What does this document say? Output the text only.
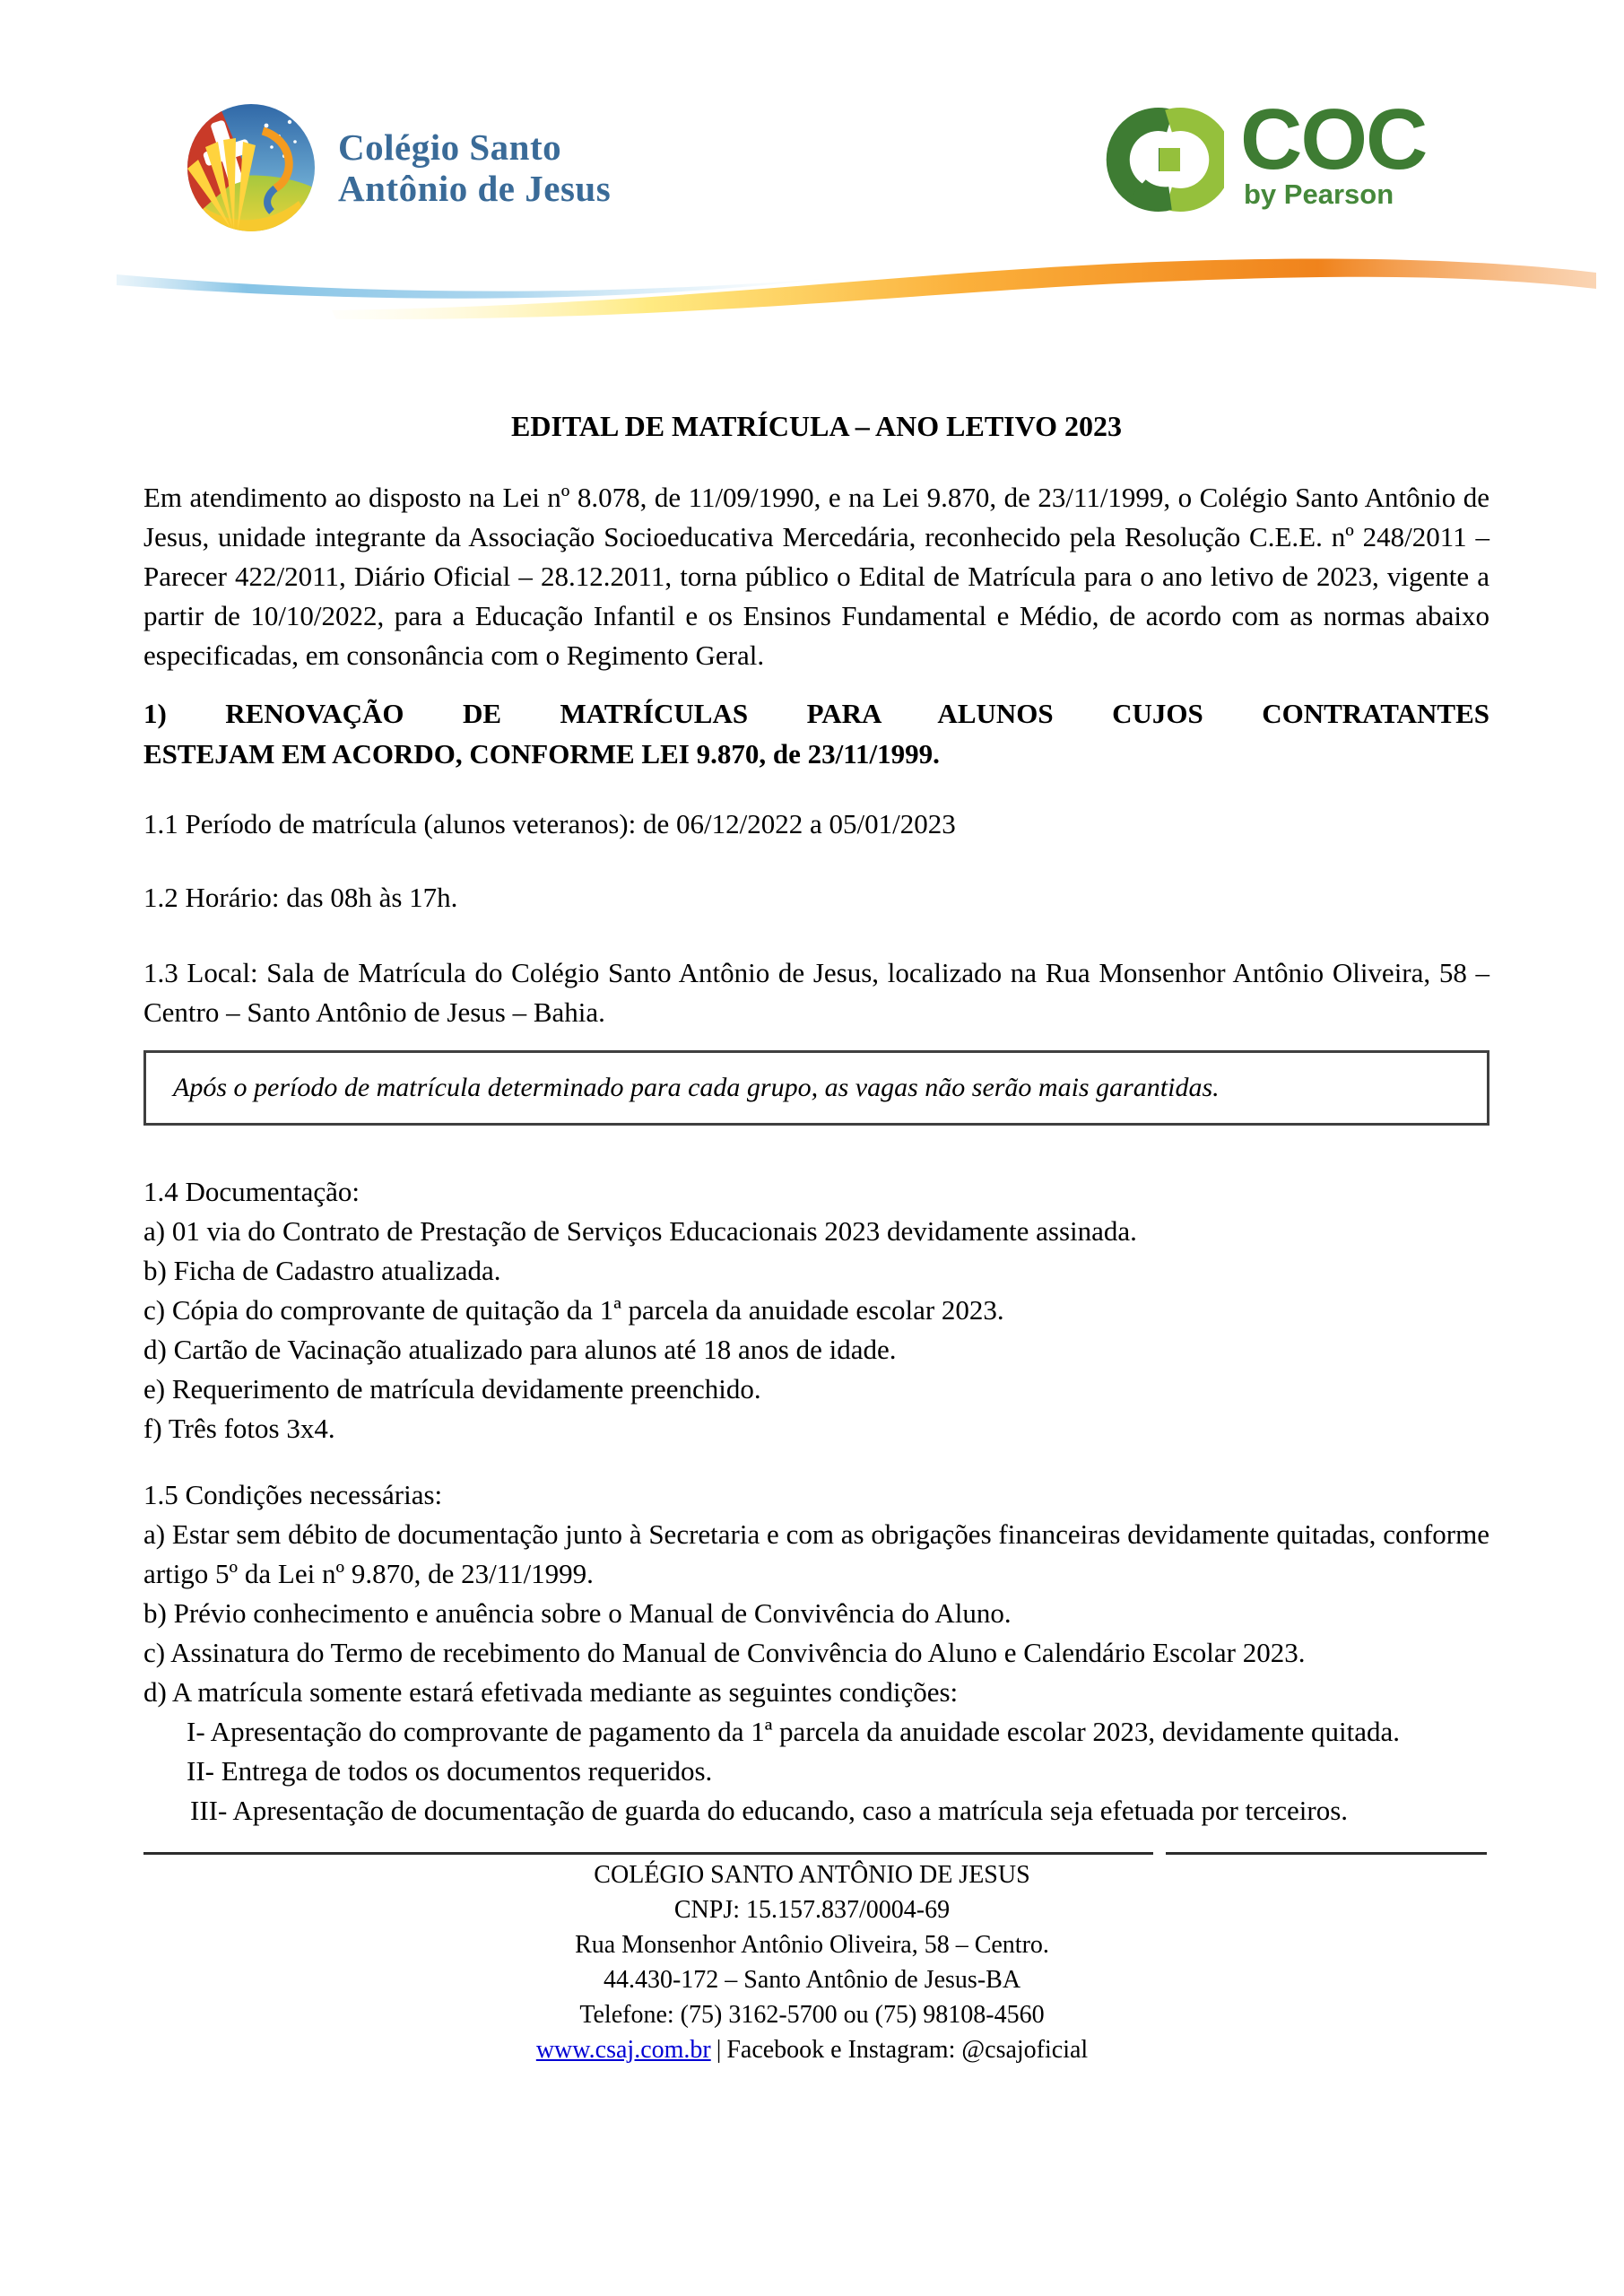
Colégio Santo
Antônio de Jesus
COC
by Pearson
EDITAL DE MATRÍCULA – ANO LETIVO 2023
Em atendimento ao disposto na Lei nº 8.078, de 11/09/1990, e na Lei 9.870, de 23/11/1999, o Colégio Santo Antônio de Jesus, unidade integrante da Associação Socioeducativa Mercedária, reconhecido pela Resolução C.E.E. nº 248/2011 – Parecer 422/2011, Diário Oficial – 28.12.2011, torna público o Edital de Matrícula para o ano letivo de 2023, vigente a partir de 10/10/2022, para a Educação Infantil e os Ensinos Fundamental e Médio, de acordo com as normas abaixo especificadas, em consonância com o Regimento Geral.
1) RENOVAÇÃO DE MATRÍCULAS PARA ALUNOS CUJOS CONTRATANTES
ESTEJAM EM ACORDO, CONFORME LEI 9.870, de 23/11/1999.
1.1 Período de matrícula (alunos veteranos): de 06/12/2022 a 05/01/2023
1.2 Horário: das 08h às 17h.
1.3 Local: Sala de Matrícula do Colégio Santo Antônio de Jesus, localizado na Rua Monsenhor Antônio Oliveira, 58 – Centro – Santo Antônio de Jesus – Bahia.
Após o período de matrícula determinado para cada grupo, as vagas não serão mais garantidas.
1.4 Documentação:
a) 01 via do Contrato de Prestação de Serviços Educacionais 2023 devidamente assinada.
b) Ficha de Cadastro atualizada.
c) Cópia do comprovante de quitação da 1ª parcela da anuidade escolar 2023.
d) Cartão de Vacinação atualizado para alunos até 18 anos de idade.
e) Requerimento de matrícula devidamente preenchido.
f) Três fotos 3x4.
1.5 Condições necessárias:
a) Estar sem débito de documentação junto à Secretaria e com as obrigações financeiras devidamente quitadas, conforme artigo 5º da Lei nº 9.870, de 23/11/1999.
b) Prévio conhecimento e anuência sobre o Manual de Convivência do Aluno.
c) Assinatura do Termo de recebimento do Manual de Convivência do Aluno e Calendário Escolar 2023.
d) A matrícula somente estará efetivada mediante as seguintes condições:
I- Apresentação do comprovante de pagamento da 1ª parcela da anuidade escolar 2023, devidamente quitada.
II- Entrega de todos os documentos requeridos.
III- Apresentação de documentação de guarda do educando, caso a matrícula seja efetuada por terceiros.
COLÉGIO SANTO ANTÔNIO DE JESUS
CNPJ: 15.157.837/0004-69
Rua Monsenhor Antônio Oliveira, 58 – Centro.
44.430-172 – Santo Antônio de Jesus-BA
Telefone: (75) 3162-5700 ou (75) 98108-4560
www.csaj.com.br | Facebook e Instagram: @csajoficial
